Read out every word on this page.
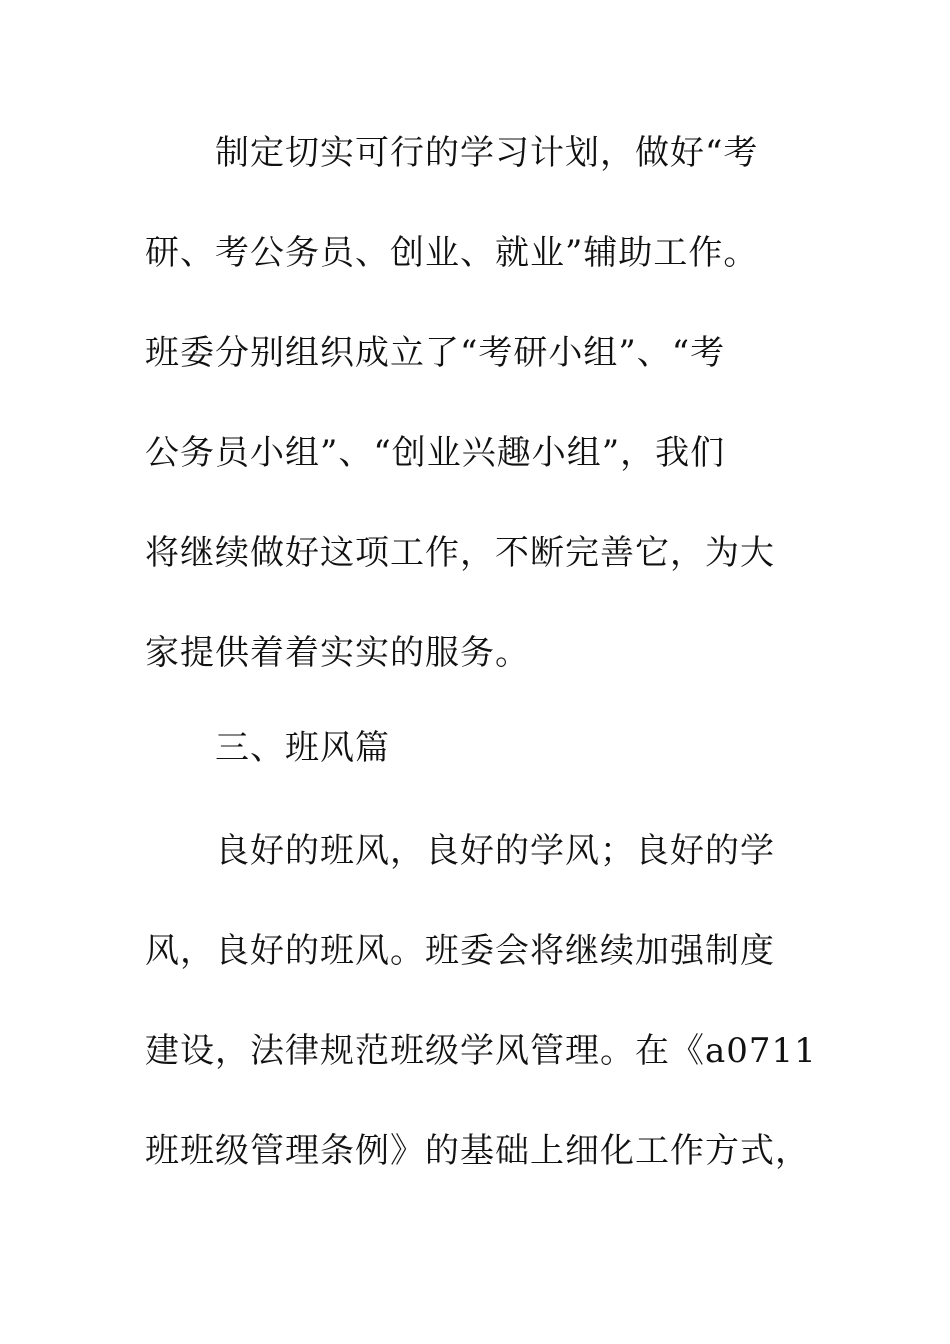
制定切实可行的学习计划，做好“考
研、考公务员、创业、就业”辅助工作。
班委分别组织成立了“考研小组”、“考
公务员小组”、“创业兴趣小组”，我们
将继续做好这项工作，不断完善它，为大
家提供着着实实的服务。
三、班风篇
良好的班风，良好的学风；良好的学
风，良好的班风。班委会将继续加强制度
建设，法律规范班级学风管理。在《a0711
班班级管理条例》的基础上细化工作方式，
